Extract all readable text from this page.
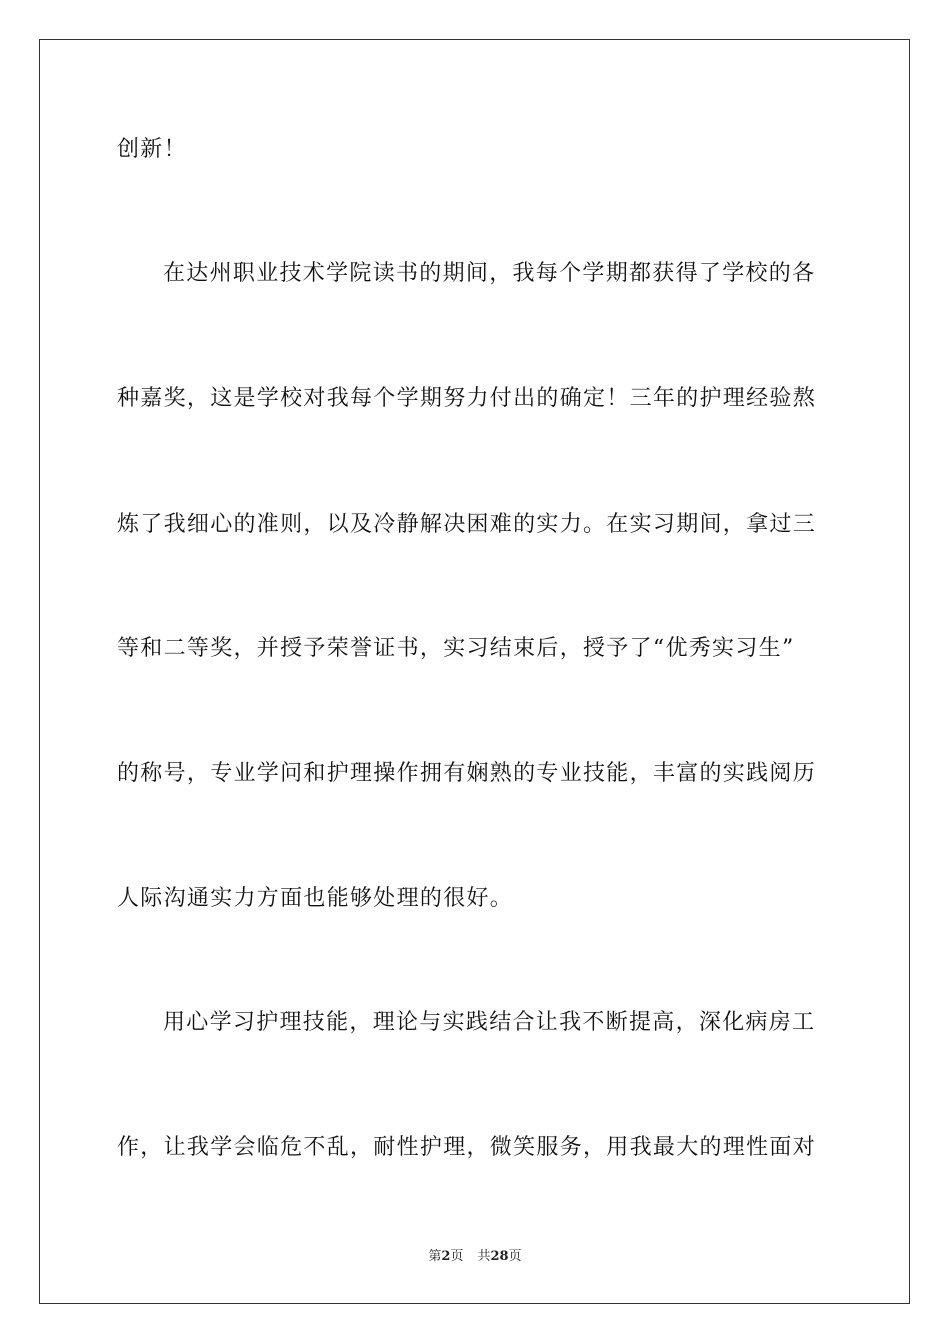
创新！
在达州职业技术学院读书的期间，我每个学期都获得了学校的各
种嘉奖，这是学校对我每个学期努力付出的确定！三年的护理经验熬
炼了我细心的准则，以及冷静解决困难的实力。在实习期间，拿过三
等和二等奖，并授予荣誉证书，实习结束后，授予了“优秀实习生”
的称号，专业学问和护理操作拥有娴熟的专业技能，丰富的实践阅历
人际沟通实力方面也能够处理的很好。
用心学习护理技能，理论与实践结合让我不断提高，深化病房工
作，让我学会临危不乱，耐性护理，微笑服务，用我最大的理性面对
第2页 共28页
